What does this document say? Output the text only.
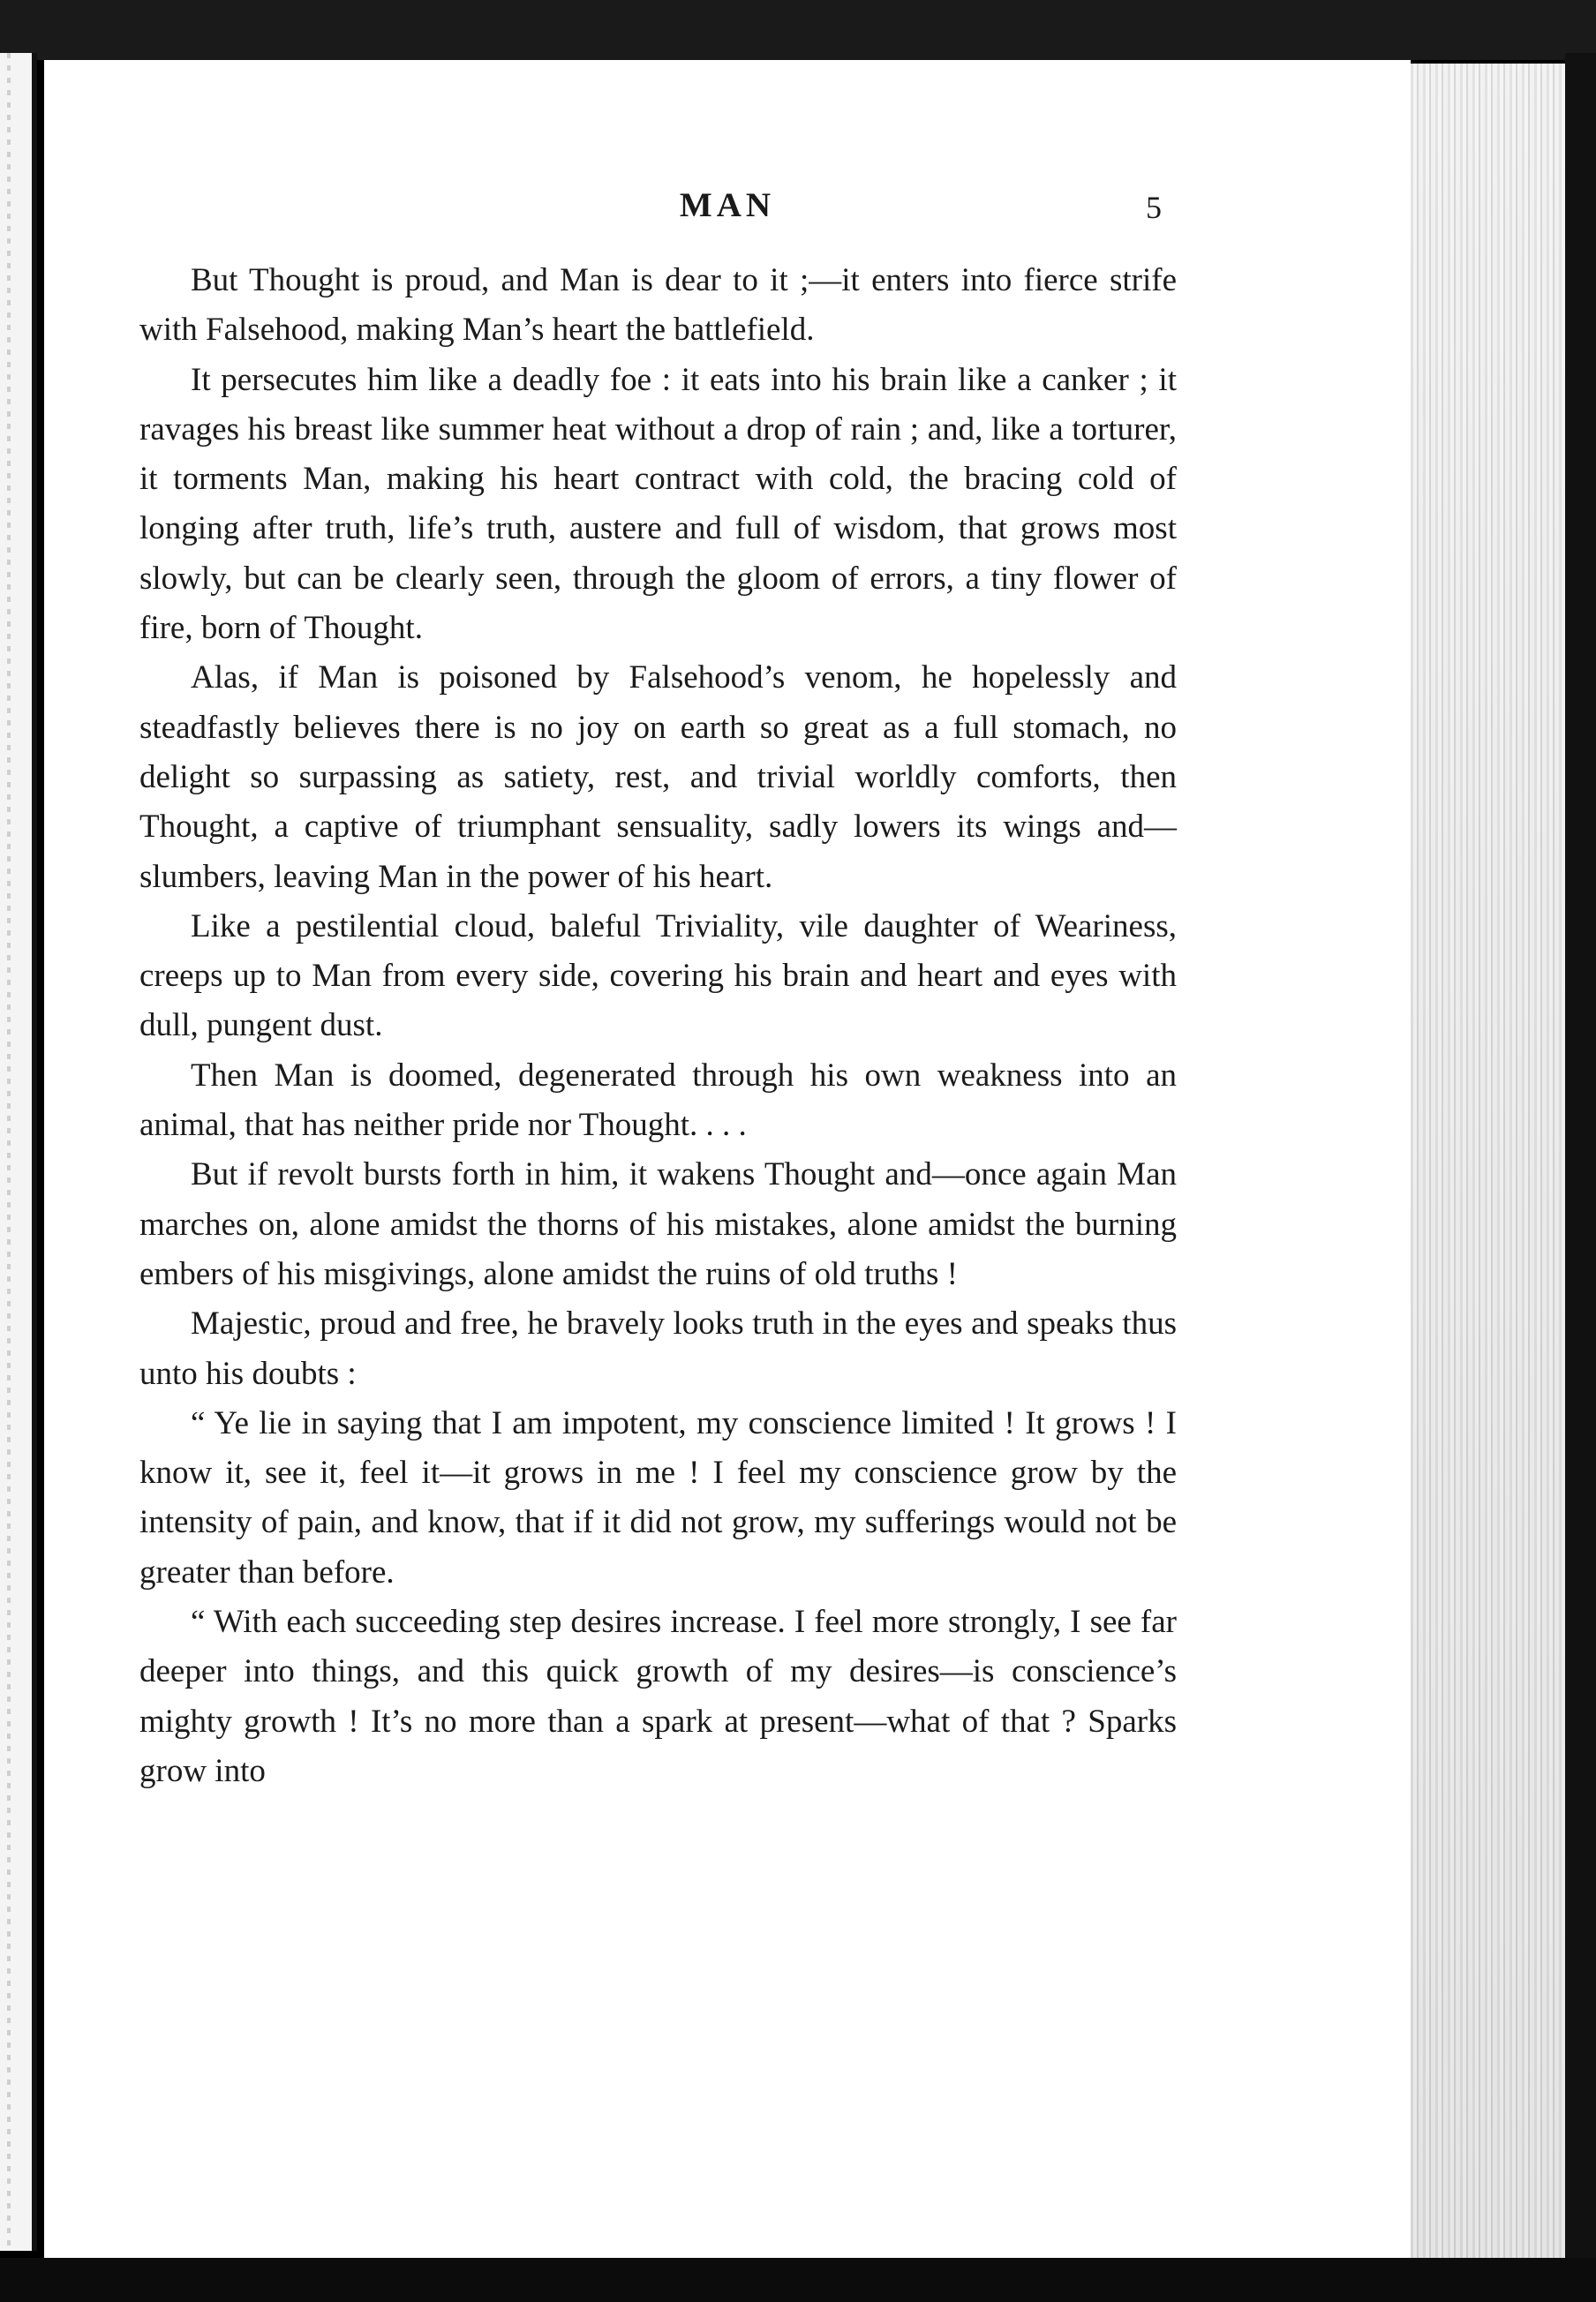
MAN	5

But Thought is proud, and Man is dear to it ;—it enters into fierce strife with Falsehood, making Man’s heart the battlefield.

It persecutes him like a deadly foe : it eats into his brain like a canker ; it ravages his breast like summer heat without a drop of rain ; and, like a torturer, it torments Man, making his heart contract with cold, the bracing cold of longing after truth, life’s truth, austere and full of wisdom, that grows most slowly, but can be clearly seen, through the gloom of errors, a tiny flower of fire, born of Thought.

Alas, if Man is poisoned by Falsehood’s venom, he hopelessly and steadfastly believes there is no joy on earth so great as a full stomach, no delight so surpassing as satiety, rest, and trivial worldly comforts, then Thought, a captive of triumphant sensuality, sadly lowers its wings and—slumbers, leaving Man in the power of his heart.

Like a pestilential cloud, baleful Triviality, vile daughter of Weariness, creeps up to Man from every side, covering his brain and heart and eyes with dull, pungent dust.

Then Man is doomed, degenerated through his own weakness into an animal, that has neither pride nor Thought. . . .

But if revolt bursts forth in him, it wakens Thought and—once again Man marches on, alone amidst the thorns of his mistakes, alone amidst the burning embers of his misgivings, alone amidst the ruins of old truths !

Majestic, proud and free, he bravely looks truth in the eyes and speaks thus unto his doubts :

“ Ye lie in saying that I am impotent, my conscience limited ! It grows ! I know it, see it, feel it—it grows in me ! I feel my conscience grow by the intensity of pain, and know, that if it did not grow, my sufferings would not be greater than before.

“ With each succeeding step desires increase. I feel more strongly, I see far deeper into things, and this quick growth of my desires—is conscience’s mighty growth ! It’s no more than a spark at present—what of that ? Sparks grow into
